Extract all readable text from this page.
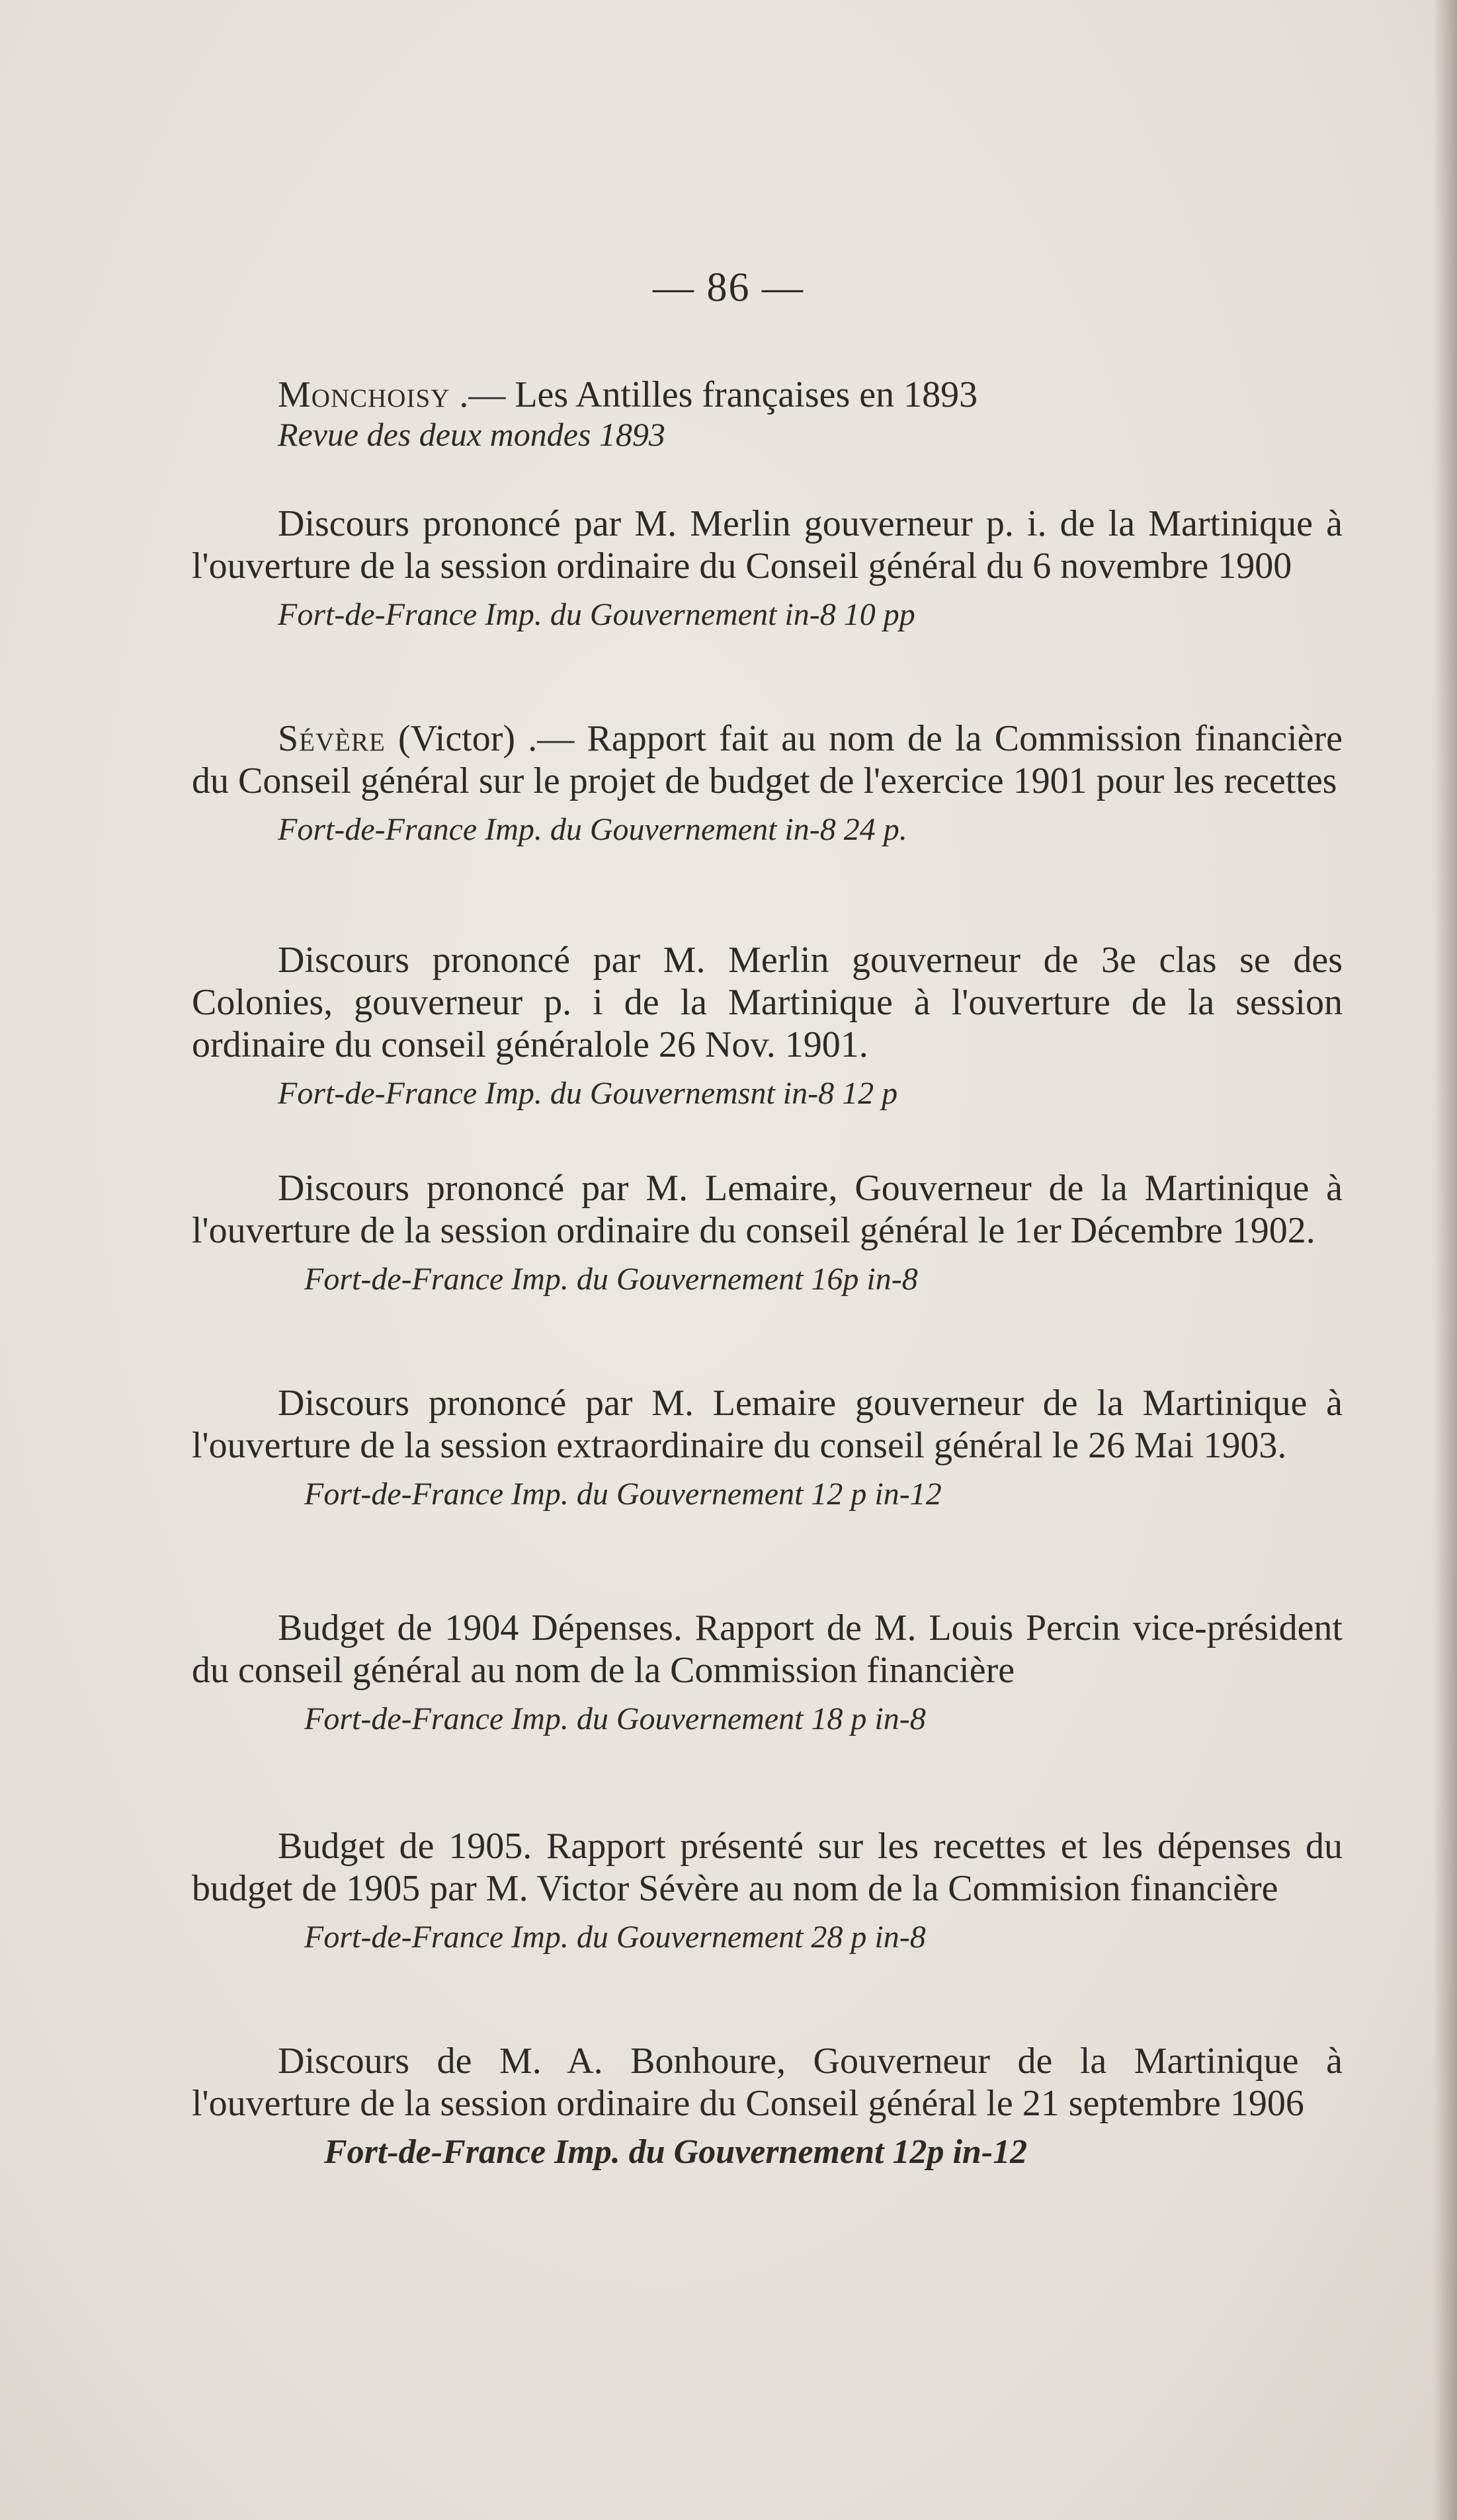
— 86 —
Monchoisy .— Les Antilles françaises en 1893
Revue des deux mondes 1893
Discours prononcé par M. Merlin gouverneur p. i. de la Martinique à l'ouverture de la session ordinaire du Conseil général du 6 novembre 1900
Fort-de-France Imp. du Gouvernement in-8 10 pp
Sévère (Victor) .— Rapport fait au nom de la Commission financière du Conseil général sur le projet de budget de l'exercice 1901 pour les recettes
Fort-de-France Imp. du Gouvernement in-8 24 p.
Discours prononcé par M. Merlin gouverneur de 3e clas se des Colonies, gouverneur p. i de la Martinique à l'ouverture de la session ordinaire du conseil généralole 26 Nov. 1901.
Fort-de-France Imp. du Gouvernemsnt in-8 12 p
Discours prononcé par M. Lemaire, Gouverneur de la Martinique à l'ouverture de la session ordinaire du conseil général le 1er Décembre 1902.
Fort-de-France Imp. du Gouvernement 16p in-8
Discours prononcé par M. Lemaire gouverneur de la Martinique à l'ouverture de la session extraordinaire du conseil général le 26 Mai 1903.
Fort-de-France Imp. du Gouvernement 12 p in-12
Budget de 1904 Dépenses. Rapport de M. Louis Percin vice-président du conseil général au nom de la Commission financière
Fort-de-France Imp. du Gouvernement 18 p in-8
Budget de 1905. Rapport présenté sur les recettes et les dépenses du budget de 1905 par M. Victor Sévère au nom de la Commision financière
Fort-de-France Imp. du Gouvernement 28 p in-8
Discours de M. A. Bonhoure, Gouverneur de la Martinique à l'ouverture de la session ordinaire du Conseil général le 21 septembre 1906
Fort-de-France Imp. du Gouvernement 12p in-12
